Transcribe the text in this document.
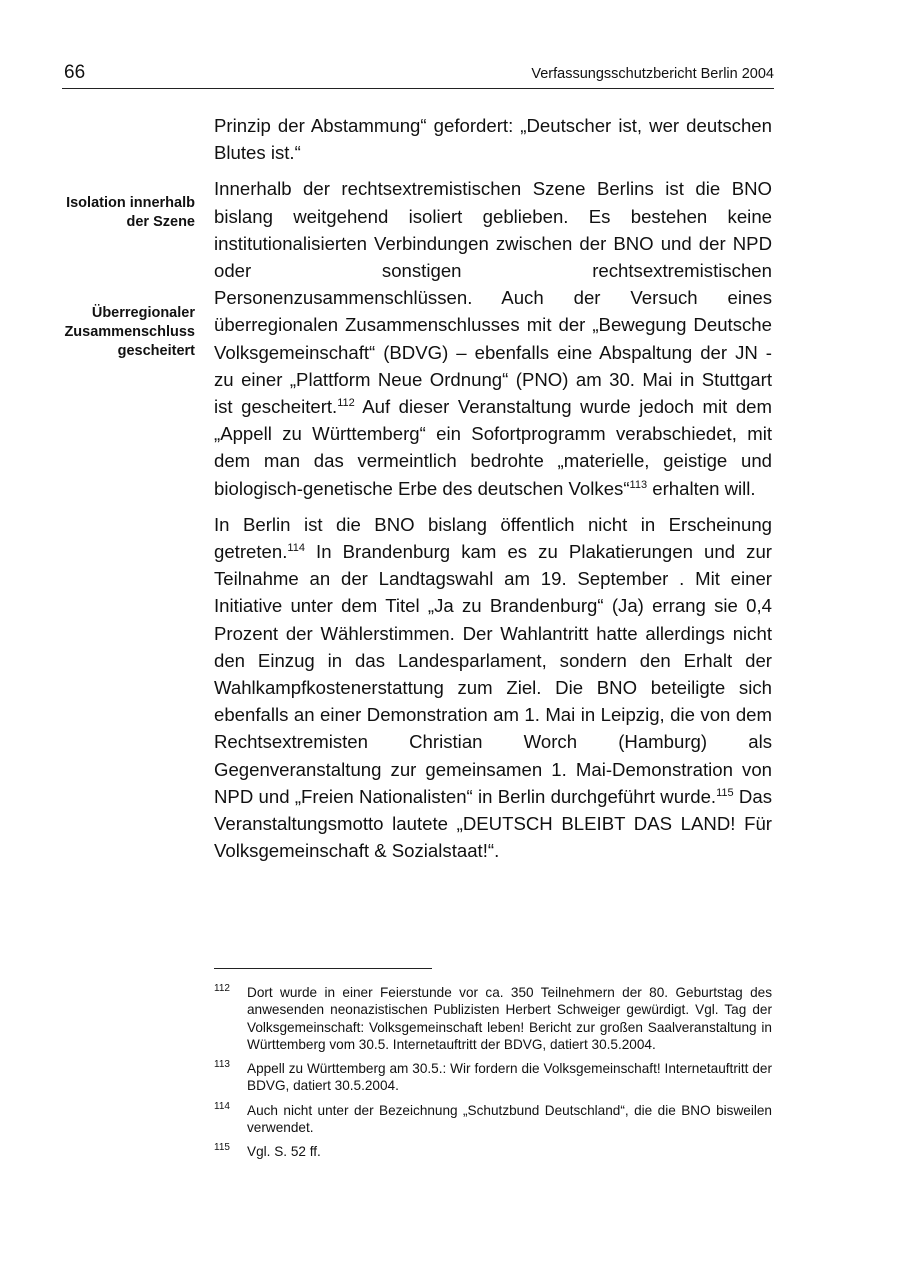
66	Verfassungsschutzbericht Berlin 2004
Isolation innerhalb
der Szene
Überregionaler
Zusammenschluss
gescheitert

Prinzip der Abstammung“ gefordert: „Deutscher ist, wer deutschen Blutes ist.“

Innerhalb der rechtsextremistischen Szene Berlins ist die BNO bislang weitgehend isoliert geblieben. Es bestehen keine institutionalisierten Verbindungen zwischen der BNO und der NPD oder sonstigen rechtsextremistischen Personenzusammenschlüssen. Auch der Versuch eines überregionalen Zusammenschlusses mit der „Bewegung Deutsche Volksgemeinschaft“ (BDVG) – ebenfalls eine Abspaltung der JN - zu einer „Plattform Neue Ordnung“ (PNO) am 30. Mai in Stuttgart ist gescheitert.$^{112}$ Auf dieser Veranstaltung wurde jedoch mit dem „Appell zu Württemberg“ ein Sofortprogramm verabschiedet, mit dem man das vermeintlich bedrohte „materielle, geistige und biologisch-genetische Erbe des deutschen Volkes“$^{113}$ erhalten will.

In Berlin ist die BNO bislang öffentlich nicht in Erscheinung getreten.$^{114}$ In Brandenburg kam es zu Plakatierungen und zur Teilnahme an der Landtagswahl am 19. September . Mit einer Initiative unter dem Titel „Ja zu Brandenburg“ (Ja) errang sie 0,4 Prozent der Wählerstimmen. Der Wahlantritt hatte allerdings nicht den Einzug in das Landesparlament, sondern den Erhalt der Wahlkampfkostenerstattung zum Ziel. Die BNO beteiligte sich ebenfalls an einer Demonstration am 1. Mai in Leipzig, die von dem Rechtsextremisten Christian Worch (Hamburg) als Gegenveranstaltung zur gemeinsamen 1. Mai-Demonstration von NPD und „Freien Nationalisten“ in Berlin durchgeführt wurde.$^{115}$ Das Veranstaltungsmotto lautete „DEUTSCH BLEIBT DAS LAND! Für Volksgemeinschaft & Sozialstaat!“.

112 Dort wurde in einer Feierstunde vor ca. 350 Teilnehmern der 80. Geburtstag des anwesenden neonazistischen Publizisten Herbert Schweiger gewürdigt. Vgl. Tag der Volksgemeinschaft: Volksgemeinschaft leben! Bericht zur großen Saalveranstaltung in Württemberg vom 30.5. Internetauftritt der BDVG, datiert 30.5.2004.
113 Appell zu Württemberg am 30.5.: Wir fordern die Volksgemeinschaft! Internetauftritt der BDVG, datiert 30.5.2004.
114 Auch nicht unter der Bezeichnung „Schutzbund Deutschland“, die die BNO bisweilen verwendet.
115 Vgl. S. 52 ff.
